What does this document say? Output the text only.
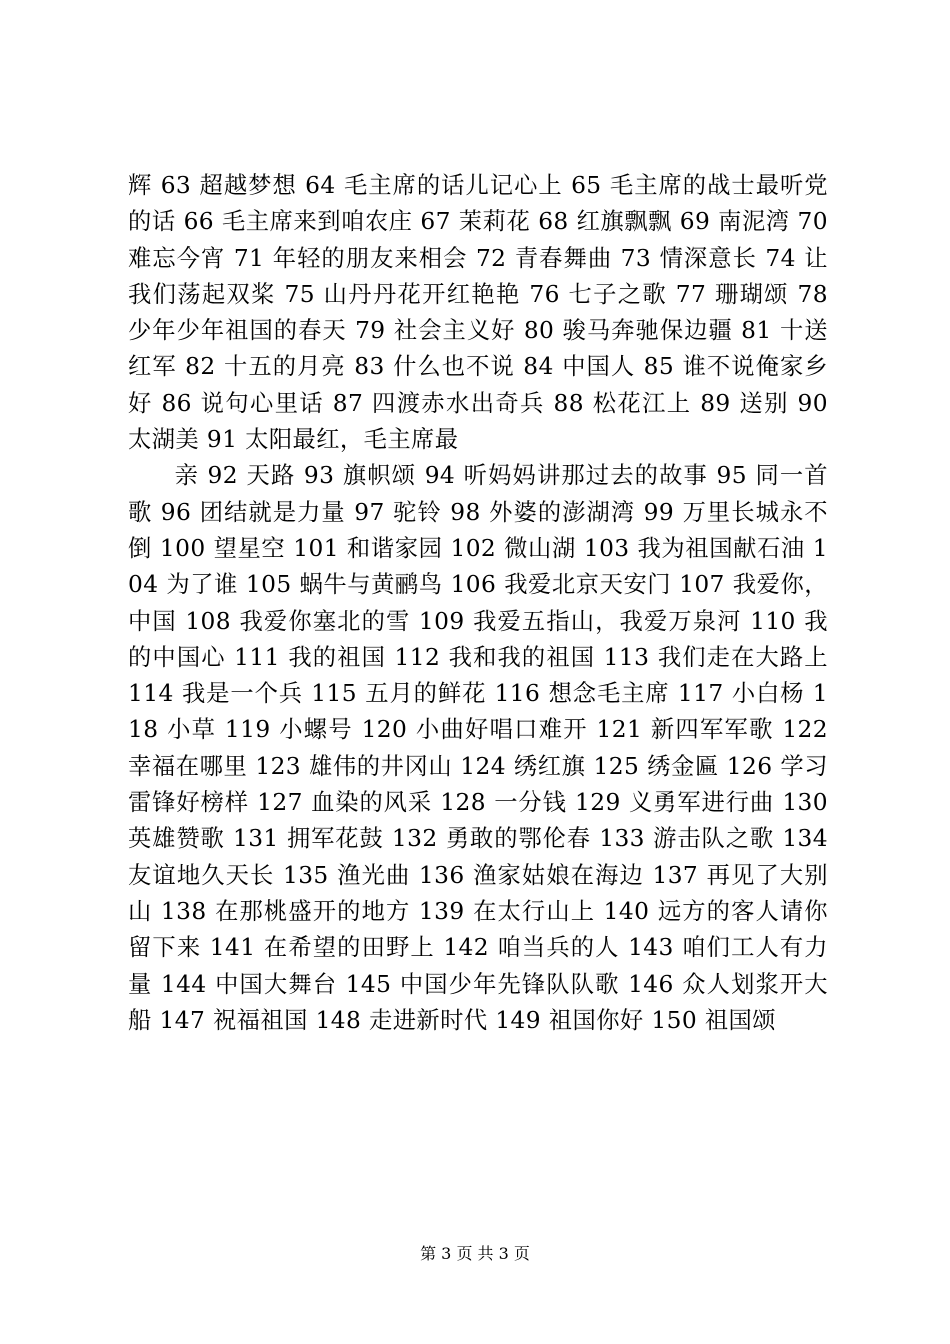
辉 63 超越梦想 64 毛主席的话儿记心上 65 毛主席的战士最听党的话 66 毛主席来到咱农庄 67 茉莉花 68 红旗飘飘 69 南泥湾 70 难忘今宵 71 年轻的朋友来相会 72 青春舞曲 73 情深意长 74 让我们荡起双桨 75 山丹丹花开红艳艳 76 七子之歌 77 珊瑚颂 78 少年少年祖国的春天 79 社会主义好 80 骏马奔驰保边疆 81 十送红军 82 十五的月亮 83 什么也不说 84 中国人 85 谁不说俺家乡好 86 说句心里话 87 四渡赤水出奇兵 88 松花江上 89 送别 90 太湖美 91 太阳最红，毛主席最

亲 92 天路 93 旗帜颂 94 听妈妈讲那过去的故事 95 同一首歌 96 团结就是力量 97 驼铃 98 外婆的澎湖湾 99 万里长城永不倒 100 望星空 101 和谐家园 102 微山湖 103 我为祖国献石油 104 为了谁 105 蜗牛与黄鹂鸟 106 我爱北京天安门 107 我爱你，中国 108 我爱你塞北的雪 109 我爱五指山，我爱万泉河 110 我的中国心 111 我的祖国 112 我和我的祖国 113 我们走在大路上 114 我是一个兵 115 五月的鲜花 116 想念毛主席 117 小白杨 118 小草 119 小螺号 120 小曲好唱口难开 121 新四军军歌 122 幸福在哪里 123 雄伟的井冈山 124 绣红旗 125 绣金匾 126 学习雷锋好榜样 127 血染的风采 128 一分钱 129 义勇军进行曲 130 英雄赞歌 131 拥军花鼓 132 勇敢的鄂伦春 133 游击队之歌 134 友谊地久天长 135 渔光曲 136 渔家姑娘在海边 137 再见了大别山 138 在那桃盛开的地方 139 在太行山上 140 远方的客人请你留下来 141 在希望的田野上 142 咱当兵的人 143 咱们工人有力量 144 中国大舞台 145 中国少年先锋队队歌 146 众人划浆开大船 147 祝福祖国 148 走进新时代 149 祖国你好 150 祖国颂

第 3 页 共 3 页
